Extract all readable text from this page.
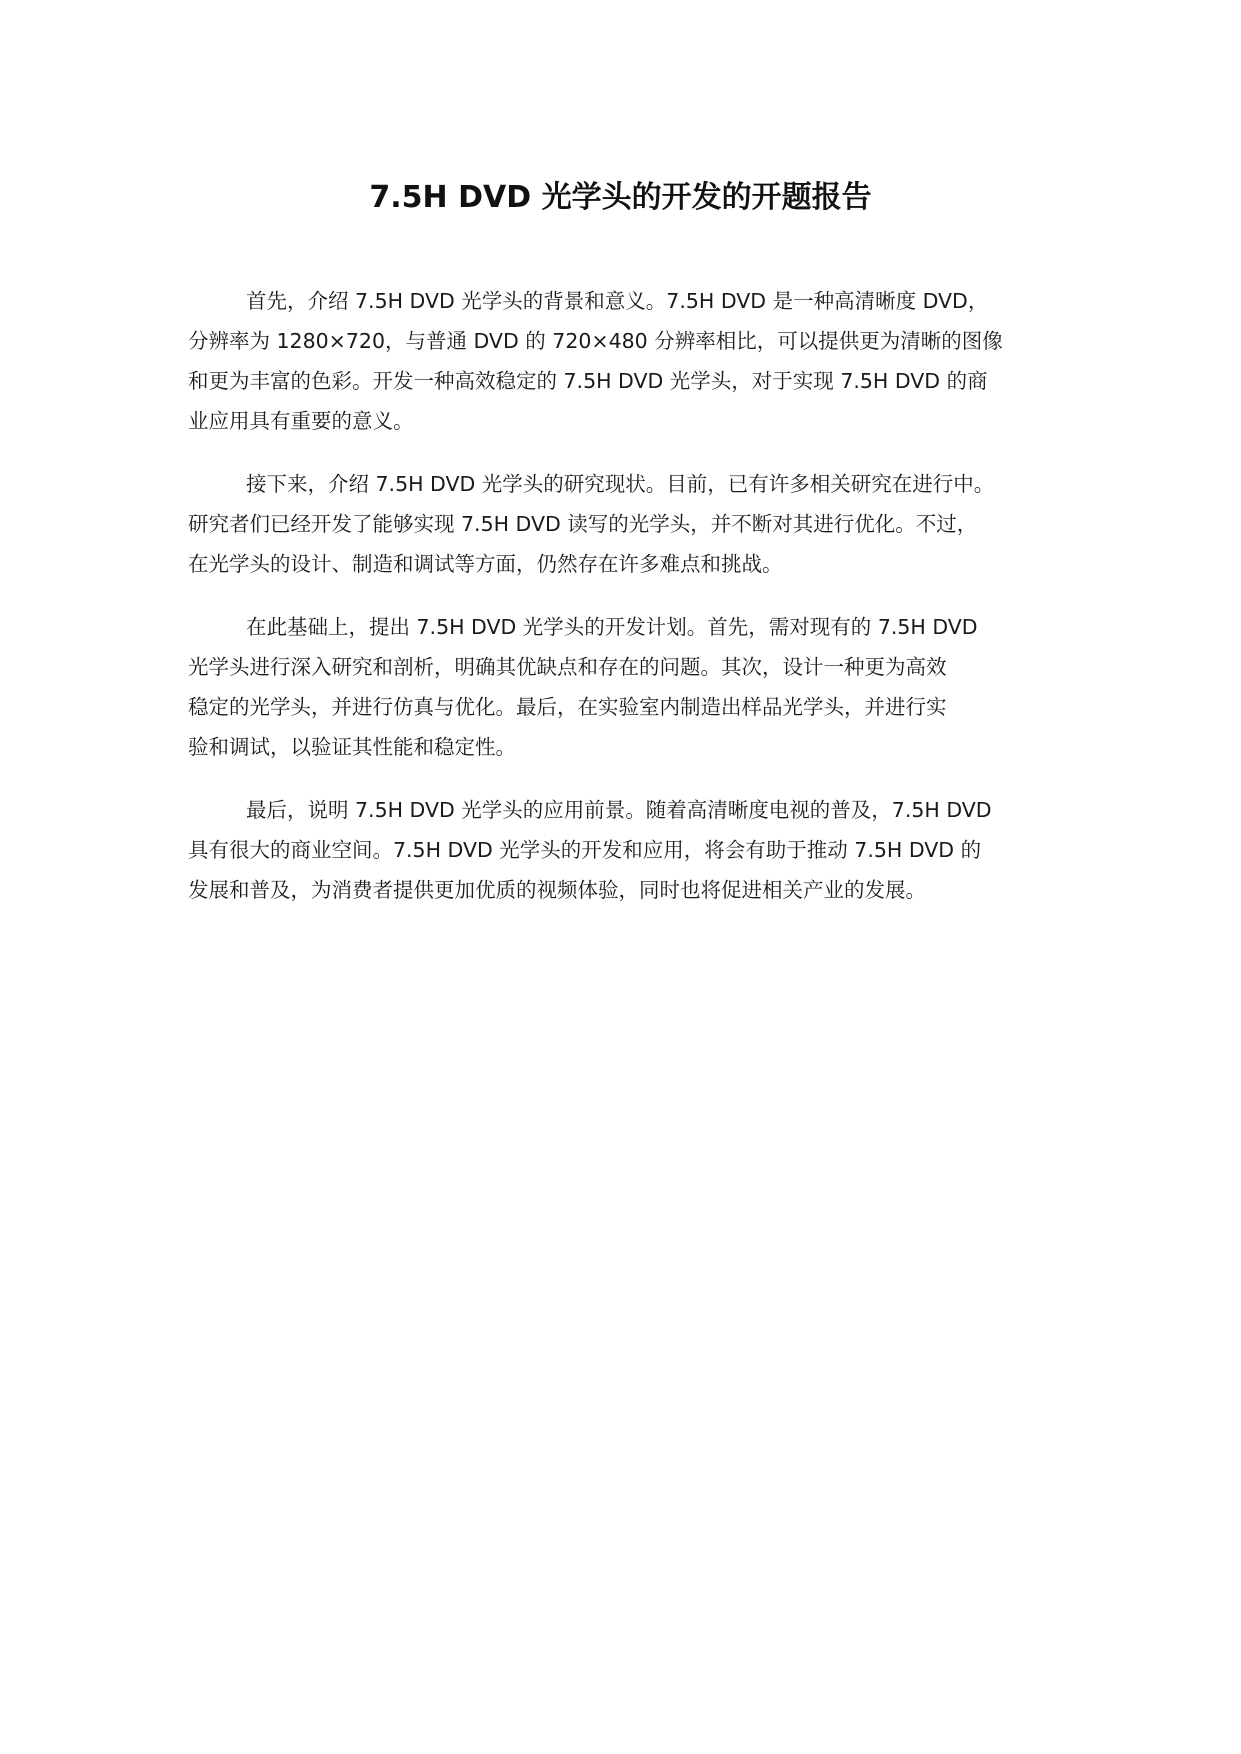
7.5H DVD 光学头的开发的开题报告

首先，介绍 7.5H DVD 光学头的背景和意义。7.5H DVD 是一种高清晰度 DVD，
分辨率为 1280×720，与普通 DVD 的 720×480 分辨率相比，可以提供更为清晰的图像
和更为丰富的色彩。开发一种高效稳定的 7.5H DVD 光学头，对于实现 7.5H DVD 的商
业应用具有重要的意义。

接下来，介绍 7.5H DVD 光学头的研究现状。目前，已有许多相关研究在进行中。
研究者们已经开发了能够实现 7.5H DVD 读写的光学头，并不断对其进行优化。不过，
在光学头的设计、制造和调试等方面，仍然存在许多难点和挑战。

在此基础上，提出 7.5H DVD 光学头的开发计划。首先，需对现有的 7.5H DVD
光学头进行深入研究和剖析，明确其优缺点和存在的问题。其次，设计一种更为高效
稳定的光学头，并进行仿真与优化。最后，在实验室内制造出样品光学头，并进行实
验和调试，以验证其性能和稳定性。

最后，说明 7.5H DVD 光学头的应用前景。随着高清晰度电视的普及，7.5H DVD
具有很大的商业空间。7.5H DVD 光学头的开发和应用，将会有助于推动 7.5H DVD 的
发展和普及，为消费者提供更加优质的视频体验，同时也将促进相关产业的发展。
